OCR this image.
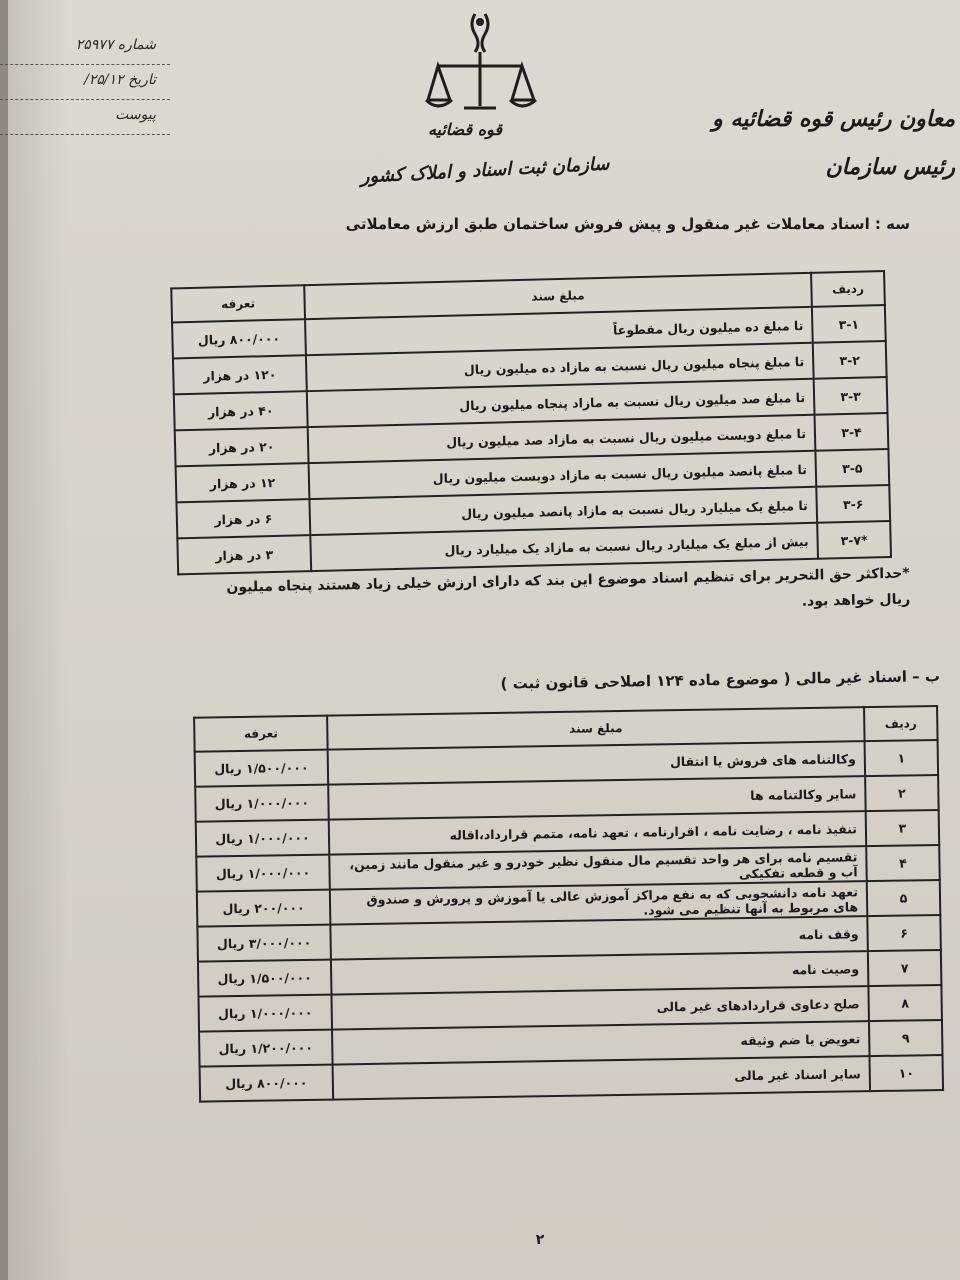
قوه قضائیه
سازمان ثبت اسناد و املاک کشور
معاون رئیس قوه قضائیه و
رئیس سازمان
شماره ۲۵۹۷۷
تاریخ ۲۵/۱۲/
پیوست
سه : اسناد معاملات غیر منقول و پیش فروش ساختمان طبق ارزش معاملاتی
ردیف	مبلغ سند	تعرفه
۳-۱	تا مبلغ ده میلیون ریال مقطوعاً	۸۰۰/۰۰۰ ریال
۳-۲	تا مبلغ پنجاه میلیون ریال نسبت به مازاد ده میلیون ریال	۱۲۰ در هزار
۳-۳	تا مبلغ صد میلیون ریال نسبت به مازاد پنجاه میلیون ریال	۴۰ در هزار
۳-۴	تا مبلغ دویست میلیون ریال نسبت به مازاد صد میلیون ریال	۲۰ در هزار
۳-۵	تا مبلغ پانصد میلیون ریال نسبت به مازاد دویست میلیون ریال	۱۲ در هزار
۳-۶	تا مبلغ یک میلیارد ریال نسبت به مازاد پانصد میلیون ریال	۶ در هزار
*۳-۷	بیش از مبلغ یک میلیارد ریال نسبت به مازاد یک میلیارد ریال	۳ در هزار
*حداکثر حق التحریر برای تنظیم اسناد موضوع این بند که دارای ارزش خیلی زیاد هستند پنجاه میلیون
ریال خواهد بود.
ب – اسناد غیر مالی ( موضوع ماده ۱۲۴ اصلاحی قانون ثبت )
ردیف	مبلغ سند	تعرفه
۱	وکالتنامه های فروش یا انتقال	۱/۵۰۰/۰۰۰ ریال
۲	سایر وکالتنامه ها	۱/۰۰۰/۰۰۰ ریال
۳	تنفیذ نامه ، رضایت نامه ، اقرارنامه ، تعهد نامه، متمم قرارداد،اقاله	۱/۰۰۰/۰۰۰ ریال
۴	تقسیم نامه برای هر واحد تقسیم مال منقول نظیر خودرو و غیر منقول مانند زمین، آب و قطعه تفکیکی	۱/۰۰۰/۰۰۰ ریال
۵	تعهد نامه دانشجویی که به نفع مراکز آموزش عالی یا آموزش و پرورش و صندوق های مربوط به آنها تنظیم می شود.	۲۰۰/۰۰۰ ریال
۶	وقف نامه	۳/۰۰۰/۰۰۰ ریال
۷	وصیت نامه	۱/۵۰۰/۰۰۰ ریال
۸	صلح دعاوی قراردادهای غیر مالی	۱/۰۰۰/۰۰۰ ریال
۹	تعویض یا ضم وثیقه	۱/۲۰۰/۰۰۰ ریال
۱۰	سایر اسناد غیر مالی	۸۰۰/۰۰۰ ریال
۲
